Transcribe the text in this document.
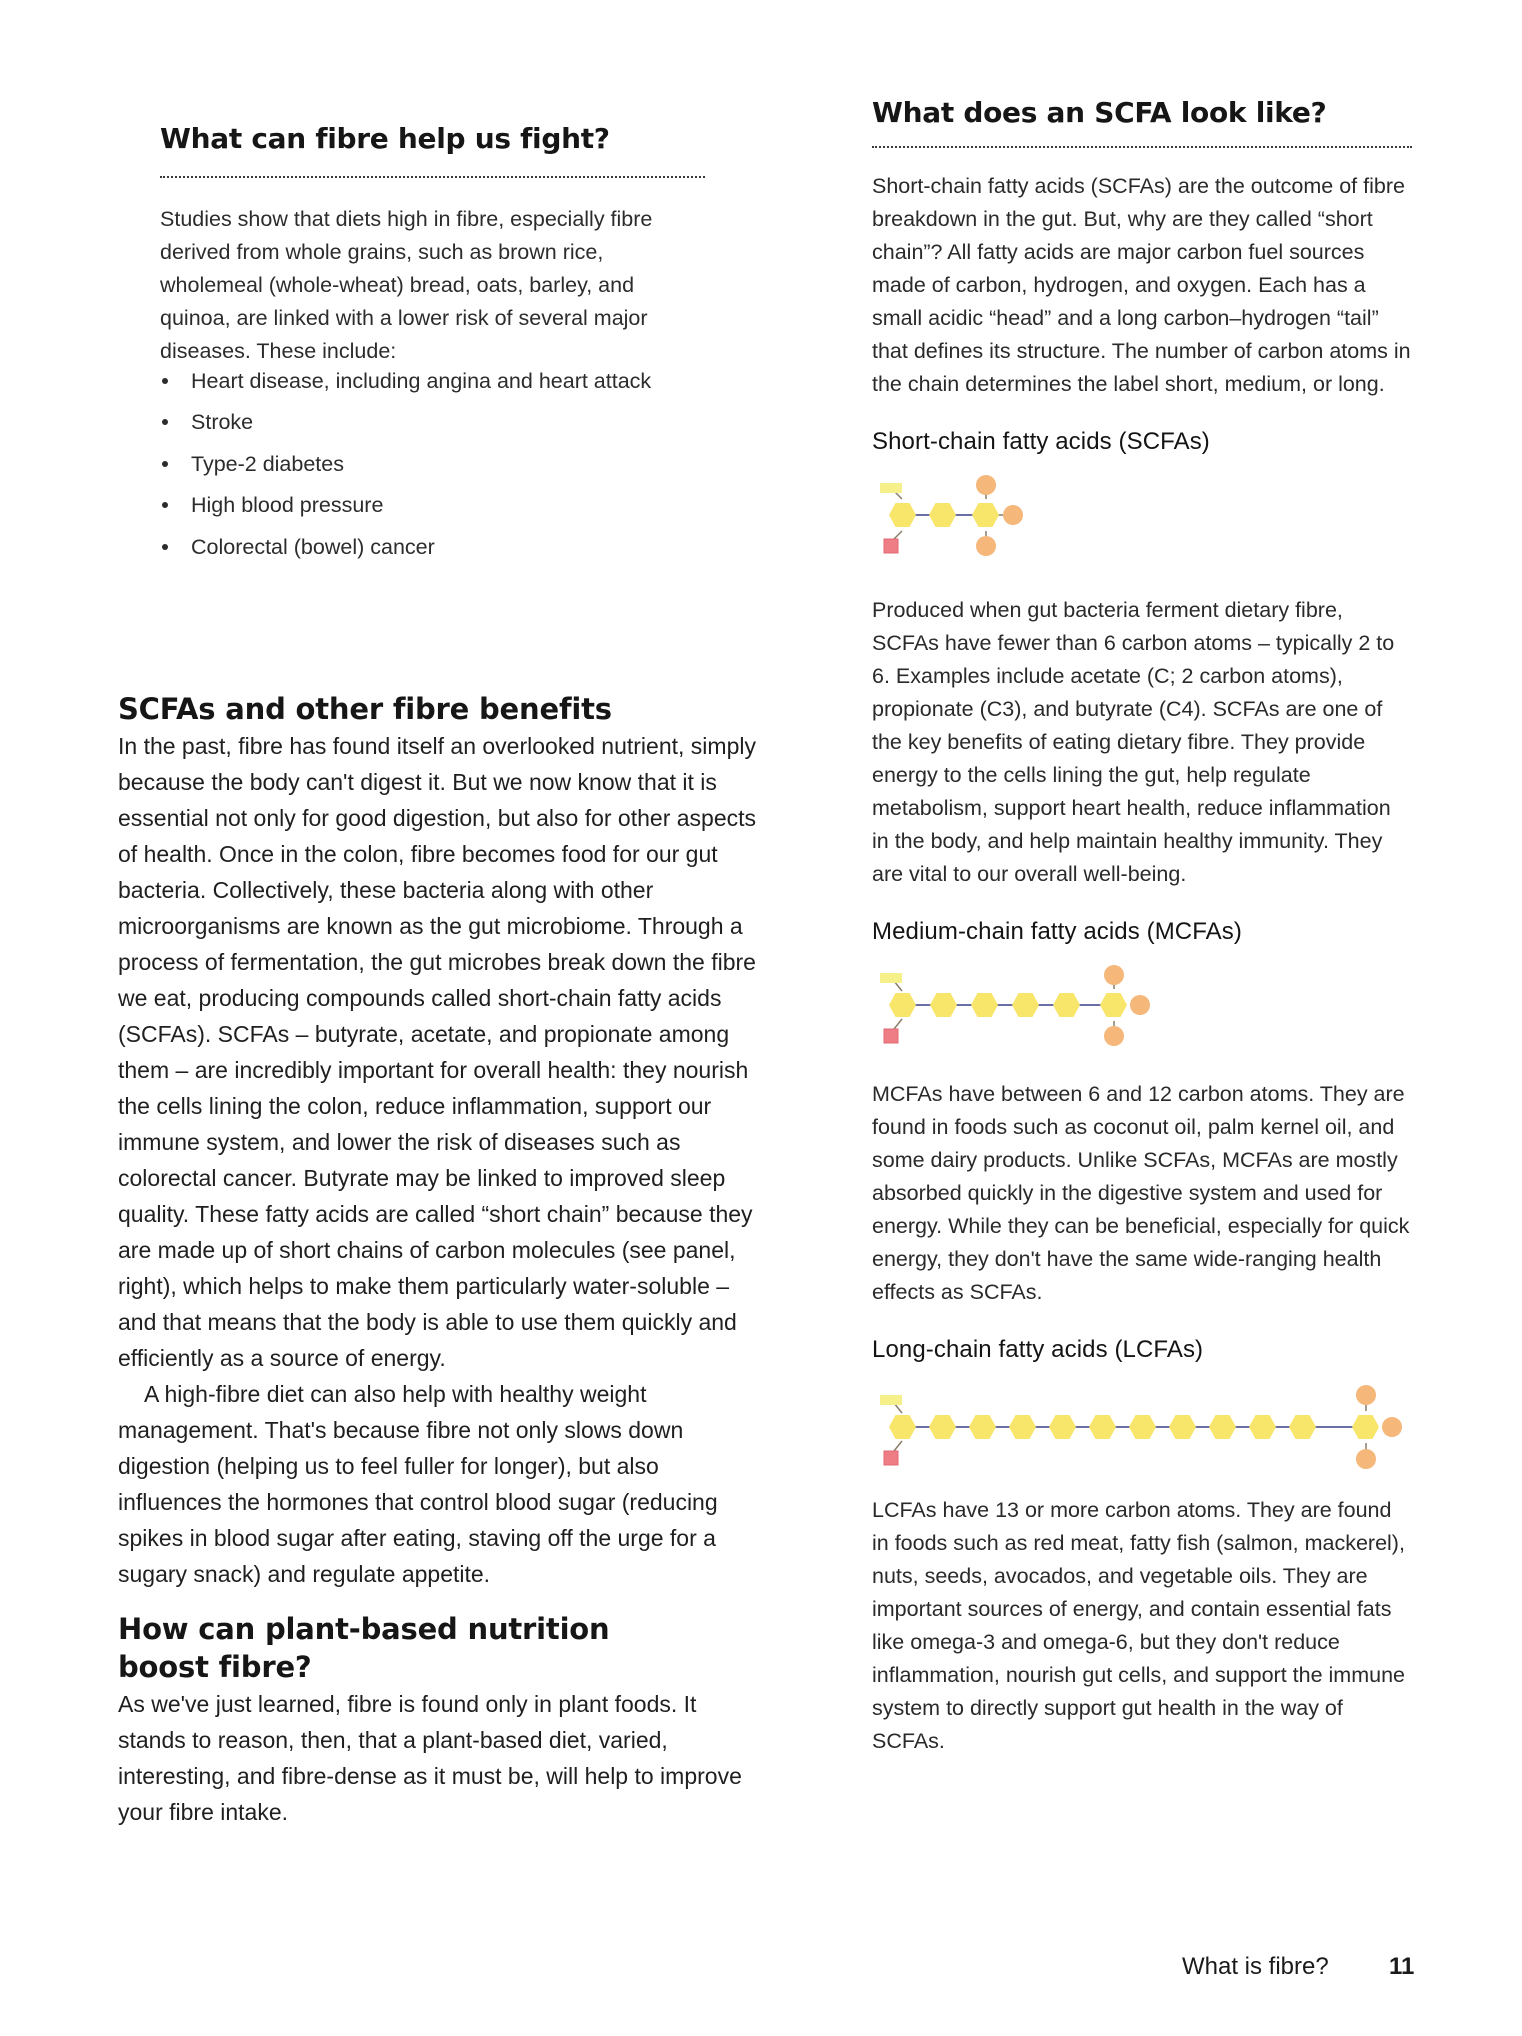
What can fibre help us fight?

Studies show that diets high in fibre, especially fibre derived from whole grains, such as brown rice, wholemeal (whole-wheat) bread, oats, barley, and quinoa, are linked with a lower risk of several major diseases. These include:

Heart disease, including angina and heart attack
Stroke
Type-2 diabetes
High blood pressure
Colorectal (bowel) cancer
SCFAs and other fibre benefits

In the past, fibre has found itself an overlooked nutrient, simply because the body can't digest it. But we now know that it is essential not only for good digestion, but also for other aspects of health. Once in the colon, fibre becomes food for our gut bacteria. Collectively, these bacteria along with other microorganisms are known as the gut microbiome. Through a process of fermentation, the gut microbes break down the fibre we eat, producing compounds called short-chain fatty acids (SCFAs). SCFAs – butyrate, acetate, and propionate among them – are incredibly important for overall health: they nourish the cells lining the colon, reduce inflammation, support our immune system, and lower the risk of diseases such as colorectal cancer. Butyrate may be linked to improved sleep quality. These fatty acids are called “short chain” because they are made up of short chains of carbon molecules (see panel, right), which helps to make them particularly water-soluble – and that means that the body is able to use them quickly and efficiently as a source of energy.

A high-fibre diet can also help with healthy weight management. That's because fibre not only slows down digestion (helping us to feel fuller for longer), but also influences the hormones that control blood sugar (reducing spikes in blood sugar after eating, staving off the urge for a sugary snack) and regulate appetite.

How can plant-based nutrition
boost fibre?

As we've just learned, fibre is found only in plant foods. It stands to reason, then, that a plant-based diet, varied, interesting, and fibre-dense as it must be, will help to improve your fibre intake.

What does an SCFA look like?

Short-chain fatty acids (SCFAs) are the outcome of fibre breakdown in the gut. But, why are they called “short chain”? All fatty acids are major carbon fuel sources made of carbon, hydrogen, and oxygen. Each has a small acidic “head” and a long carbon–hydrogen “tail” that defines its structure. The number of carbon atoms in the chain determines the label short, medium, or long.

Short-chain fatty acids (SCFAs)

Produced when gut bacteria ferment dietary fibre, SCFAs have fewer than 6 carbon atoms – typically 2 to 6. Examples include acetate (C; 2 carbon atoms), propionate (C3), and butyrate (C4). SCFAs are one of the key benefits of eating dietary fibre. They provide energy to the cells lining the gut, help regulate metabolism, support heart health, reduce inflammation in the body, and help maintain healthy immunity. They are vital to our overall well-being.

Medium-chain fatty acids (MCFAs)

MCFAs have between 6 and 12 carbon atoms. They are found in foods such as coconut oil, palm kernel oil, and some dairy products. Unlike SCFAs, MCFAs are mostly absorbed quickly in the digestive system and used for energy. While they can be beneficial, especially for quick energy, they don't have the same wide-ranging health effects as SCFAs.

Long-chain fatty acids (LCFAs)

LCFAs have 13 or more carbon atoms. They are found in foods such as red meat, fatty fish (salmon, mackerel), nuts, seeds, avocados, and vegetable oils. They are important sources of energy, and contain essential fats like omega-3 and omega-6, but they don't reduce inflammation, nourish gut cells, and support the immune system to directly support gut health in the way of SCFAs.

What is fibre?	11
